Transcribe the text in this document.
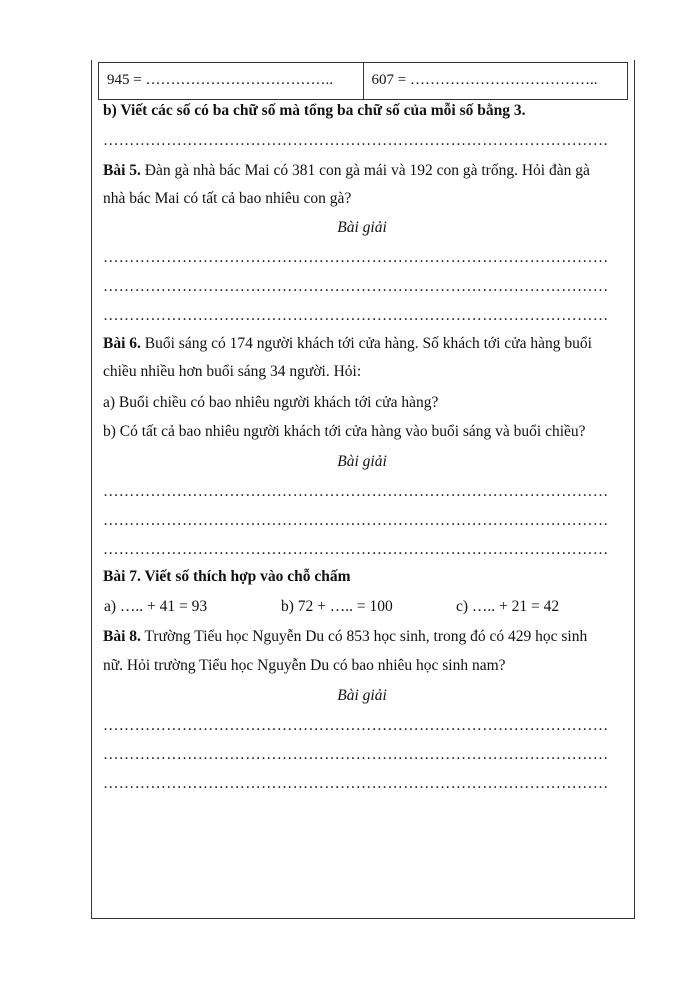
945 = ………………………………..	607 = ………………………………..
b) Viết các số có ba chữ số mà tổng ba chữ số của mỗi số bằng 3.
……………………………………………………………………………………
Bài 5. Đàn gà nhà bác Mai có 381 con gà mái và 192 con gà trống. Hỏi đàn gà
nhà bác Mai có tất cả bao nhiêu con gà?
Bài giải
……………………………………………………………………………………
……………………………………………………………………………………
……………………………………………………………………………………
Bài 6. Buổi sáng có 174 người khách tới cửa hàng. Số khách tới cửa hàng buổi
chiều nhiều hơn buổi sáng 34 người. Hỏi:
a) Buổi chiều có bao nhiêu người khách tới cửa hàng?
b) Có tất cả bao nhiêu người khách tới cửa hàng vào buổi sáng và buổi chiều?
Bài giải
……………………………………………………………………………………
……………………………………………………………………………………
……………………………………………………………………………………
Bài 7. Viết số thích hợp vào chỗ chấm
a) ….. + 41 = 93	b) 72 + ….. = 100	c) ….. + 21 = 42
Bài 8. Trường Tiểu học Nguyễn Du có 853 học sinh, trong đó có 429 học sinh
nữ. Hỏi trường Tiểu học Nguyễn Du có bao nhiêu học sinh nam?
Bài giải
……………………………………………………………………………………
……………………………………………………………………………………
……………………………………………………………………………………
